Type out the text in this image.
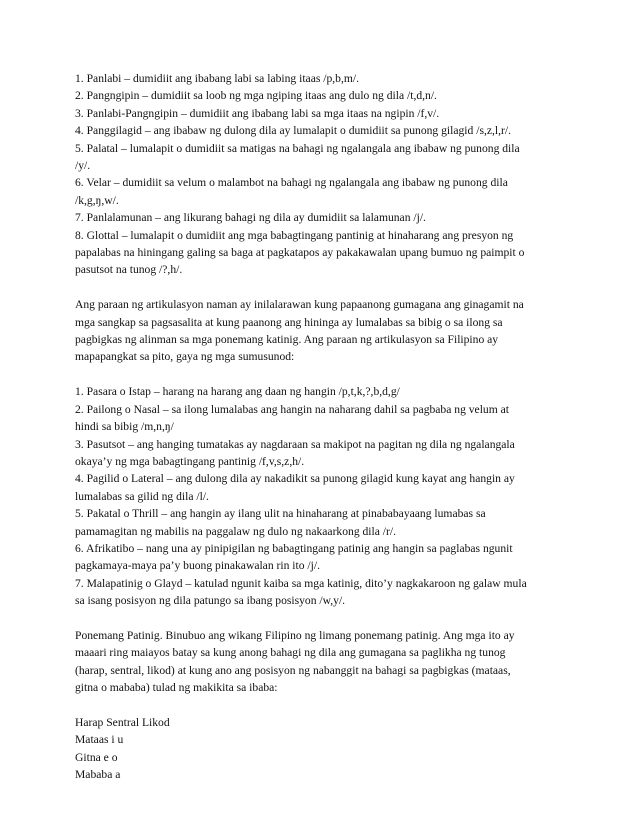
1. Panlabi – dumidiit ang ibabang labi sa labing itaas /p,b,m/.

2. Pangngipin – dumidiit sa loob ng mga ngiping itaas ang dulo ng dila /t,d,n/.

3. Panlabi-Pangngipin – dumidiit ang ibabang labi sa mga itaas na ngipin /f,v/.

4. Panggilagid – ang ibabaw ng dulong dila ay lumalapit o dumidiit sa punong gilagid /s,z,l,r/.

5. Palatal – lumalapit o dumidiit sa matigas na bahagi ng ngalangala ang ibabaw ng punong dila
/y/.

6. Velar – dumidiit sa velum o malambot na bahagi ng ngalangala ang ibabaw ng punong dila
/k,g,ŋ,w/.

7. Panlalamunan – ang likurang bahagi ng dila ay dumidiit sa lalamunan /j/.

8. Glottal – lumalapit o dumidiit ang mga babagtingang pantinig at hinaharang ang presyon ng
papalabas na hiningang galing sa baga at pagkatapos ay pakakawalan upang bumuo ng paimpit o
pasutsot na tunog /?,h/.

Ang paraan ng artikulasyon naman ay inilalarawan kung papaanong gumagana ang ginagamit na
mga sangkap sa pagsasalita at kung paanong ang hininga ay lumalabas sa bibig o sa ilong sa
pagbigkas ng alinman sa mga ponemang katinig. Ang paraan ng artikulasyon sa Filipino ay
mapapangkat sa pito, gaya ng mga sumusunod:

1. Pasara o Istap – harang na harang ang daan ng hangin /p,t,k,?,b,d,g/

2. Pailong o Nasal – sa ilong lumalabas ang hangin na naharang dahil sa pagbaba ng velum at
hindi sa bibig /m,n,ŋ/

3. Pasutsot – ang hanging tumatakas ay nagdaraan sa makipot na pagitan ng dila ng ngalangala
okaya’y ng mga babagtingang pantinig /f,v,s,z,h/.

4. Pagilid o Lateral – ang dulong dila ay nakadikit sa punong gilagid kung kayat ang hangin ay
lumalabas sa gilid ng dila /l/.

5. Pakatal o Thrill – ang hangin ay ilang ulit na hinaharang at pinababayaang lumabas sa
pamamagitan ng mabilis na paggalaw ng dulo ng nakaarkong dila /r/.

6. Afrikatibo – nang una ay pinipigilan ng babagtingang patinig ang hangin sa paglabas ngunit
pagkamaya-maya pa’y buong pinakawalan rin ito /j/.

7. Malapatinig o Glayd – katulad ngunit kaiba sa mga katinig, dito’y nagkakaroon ng galaw mula
sa isang posisyon ng dila patungo sa ibang posisyon /w,y/.

Ponemang Patinig. Binubuo ang wikang Filipino ng limang ponemang patinig. Ang mga ito ay
maaari ring maiayos batay sa kung anong bahagi ng dila ang gumagana sa paglikha ng tunog
(harap, sentral, likod) at kung ano ang posisyon ng nabanggit na bahagi sa pagbigkas (mataas,
gitna o mababa) tulad ng makikita sa ibaba:

Harap Sentral Likod

Mataas i u

Gitna e o

Mababa a
